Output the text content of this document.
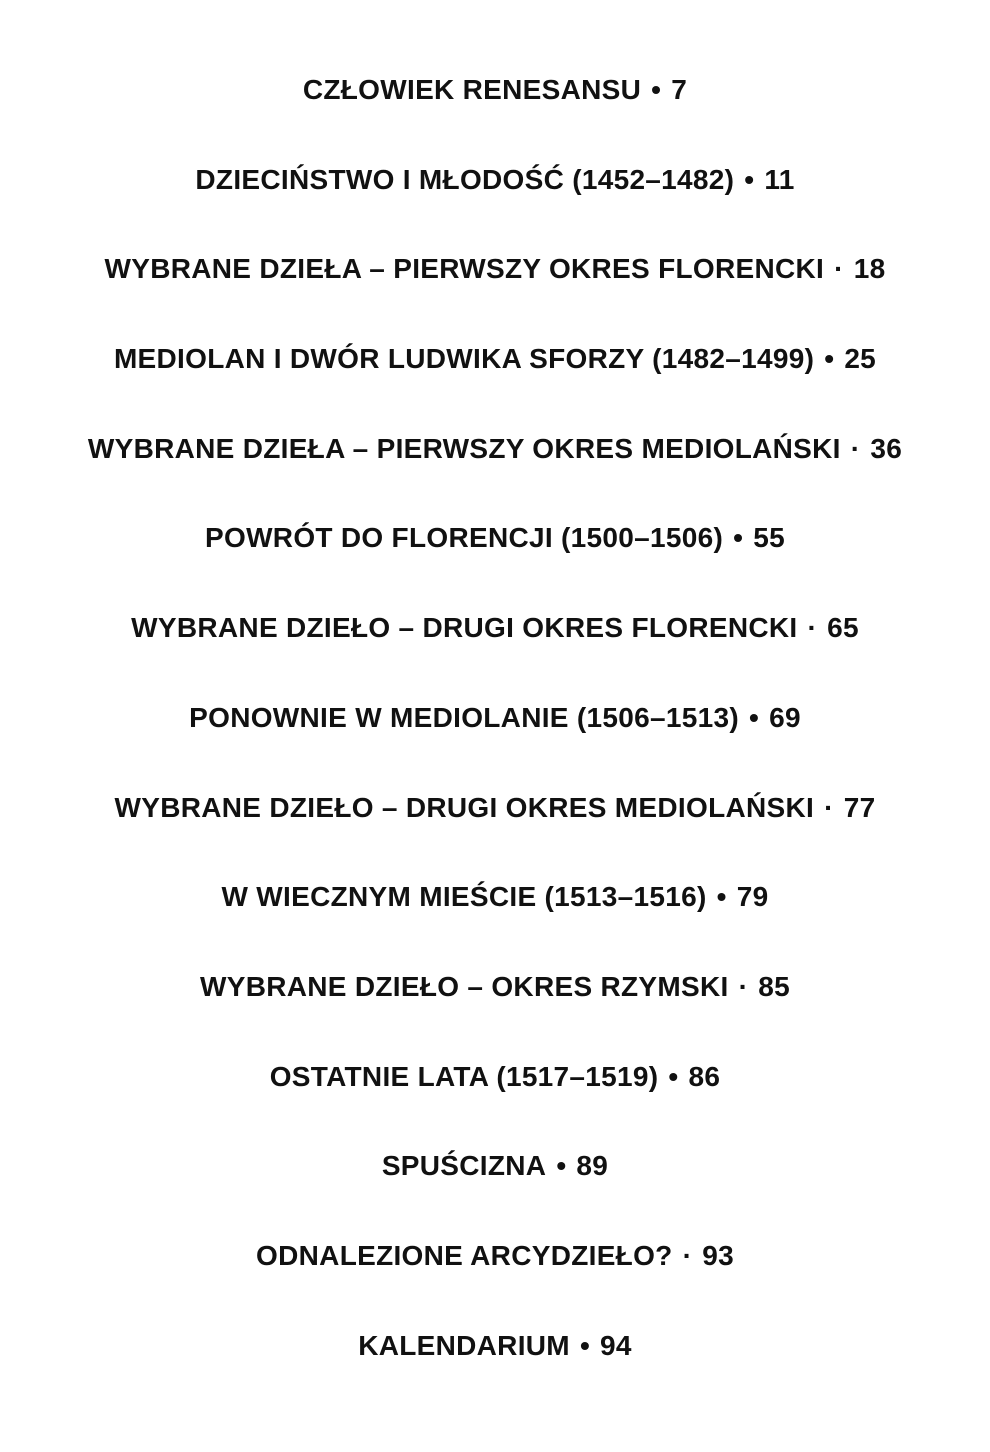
CZŁOWIEK RENESANSU • 7
DZIECIŃSTWO I MŁODOŚĆ (1452–1482) • 11
WYBRANE DZIEŁA – PIERWSZY OKRES FLORENCKI · 18
MEDIOLAN I DWÓR LUDWIKA SFORZY (1482–1499) • 25
WYBRANE DZIEŁA – PIERWSZY OKRES MEDIOLAŃSKI · 36
POWRÓT DO FLORENCJI (1500–1506) • 55
WYBRANE DZIEŁO – DRUGI OKRES FLORENCKI · 65
PONOWNIE W MEDIOLANIE (1506–1513) • 69
WYBRANE DZIEŁO – DRUGI OKRES MEDIOLAŃSKI · 77
W WIECZNYM MIEŚCIE (1513–1516) • 79
WYBRANE DZIEŁO – OKRES RZYMSKI · 85
OSTATNIE LATA (1517–1519) • 86
SPUŚCIZNA • 89
ODNALEZIONE ARCYDZIEŁO? · 93
KALENDARIUM • 94
